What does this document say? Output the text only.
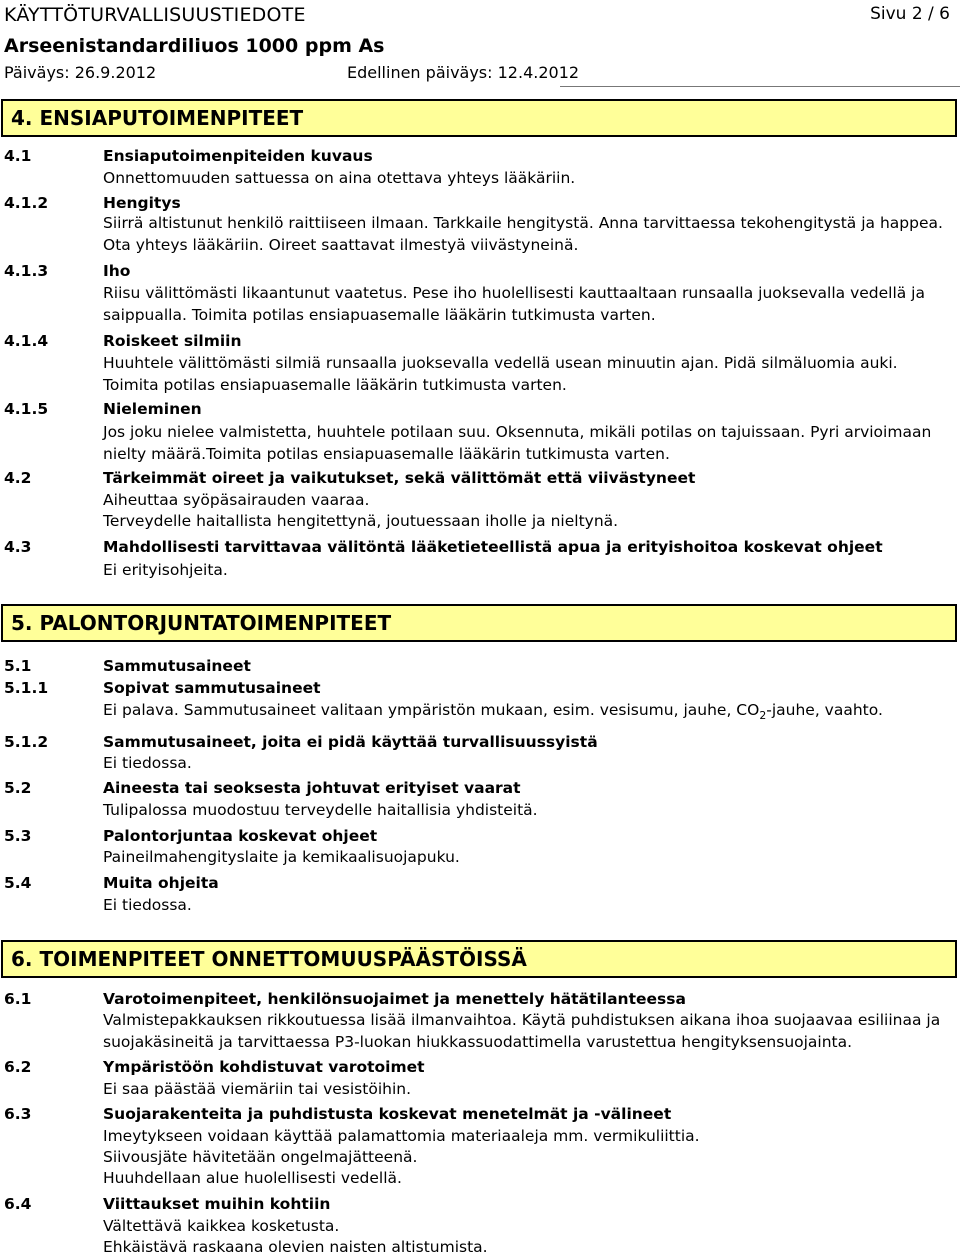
KÄYTTÖTURVALLISUUSTIEDOTE	Sivu 2 / 6
Arseenistandardiliuos 1000 ppm As
Päiväys: 26.9.2012	Edellinen päiväys: 12.4.2012
4. ENSIAPUTOIMENPITEET
4.1	Ensiaputoimenpiteiden kuvaus
Onnettomuuden sattuessa on aina otettava yhteys lääkäriin.
4.1.2	Hengitys
Siirrä altistunut henkilö raittiiseen ilmaan. Tarkkaile hengitystä. Anna tarvittaessa tekohengitystä ja happea. Ota yhteys lääkäriin. Oireet saattavat ilmestyä viivästyneinä.
4.1.3	Iho
Riisu välittömästi likaantunut vaatetus. Pese iho huolellisesti kauttaaltaan runsaalla juoksevalla vedellä ja saippualla. Toimita potilas ensiapuasemalle lääkärin tutkimusta varten.
4.1.4	Roiskeet silmiin
Huuhtele välittömästi silmiä runsaalla juoksevalla vedellä usean minuutin ajan. Pidä silmäluomia auki. Toimita potilas ensiapuasemalle lääkärin tutkimusta varten.
4.1.5	Nieleminen
Jos joku nielee valmistetta, huuhtele potilaan suu. Oksennuta, mikäli potilas on tajuissaan. Pyri arvioimaan nielty määrä.Toimita potilas ensiapuasemalle lääkärin tutkimusta varten.
4.2	Tärkeimmät oireet ja vaikutukset, sekä välittömät että viivästyneet
Aiheuttaa syöpäsairauden vaaraa.
Terveydelle haitallista hengitettynä, joutuessaan iholle ja nieltynä.
4.3	Mahdollisesti tarvittavaa välitöntä lääketieteellistä apua ja erityishoitoa koskevat ohjeet
Ei erityisohjeita.
5. PALONTORJUNTATOIMENPITEET
5.1	Sammutusaineet
5.1.1	Sopivat sammutusaineet
Ei palava. Sammutusaineet valitaan ympäristön mukaan, esim. vesisumu, jauhe, $CO_2$-jauhe, vaahto.
5.1.2	Sammutusaineet, joita ei pidä käyttää turvallisuussyistä
Ei tiedossa.
5.2	Aineesta tai seoksesta johtuvat erityiset vaarat
Tulipalossa muodostuu terveydelle haitallisia yhdisteitä.
5.3	Palontorjuntaa koskevat ohjeet
Paineilmahengityslaite ja kemikaalisuojapuku.
5.4	Muita ohjeita
Ei tiedossa.
6. TOIMENPITEET ONNETTOMUUSPÄÄSTÖISSÄ
6.1	Varotoimenpiteet, henkilönsuojaimet ja menettely hätätilanteessa
Valmistepakkauksen rikkoutuessa lisää ilmanvaihtoa. Käytä puhdistuksen aikana ihoa suojaavaa esiliinaa ja suojakäsineitä ja tarvittaessa P3-luokan hiukkassuodattimella varustettua hengityksensuojainta.
6.2	Ympäristöön kohdistuvat varotoimet
Ei saa päästää viemäriin tai vesistöihin.
6.3	Suojarakenteita ja puhdistusta koskevat menetelmät ja -välineet
Imeytykseen voidaan käyttää palamattomia materiaaleja mm. vermikuliittia.
Siivousjäte hävitetään ongelmajätteenä.
Huuhdellaan alue huolellisesti vedellä.
6.4	Viittaukset muihin kohtiin
Vältettävä kaikkea kosketusta.
Ehkäistävä raskaana olevien naisten altistumista.
